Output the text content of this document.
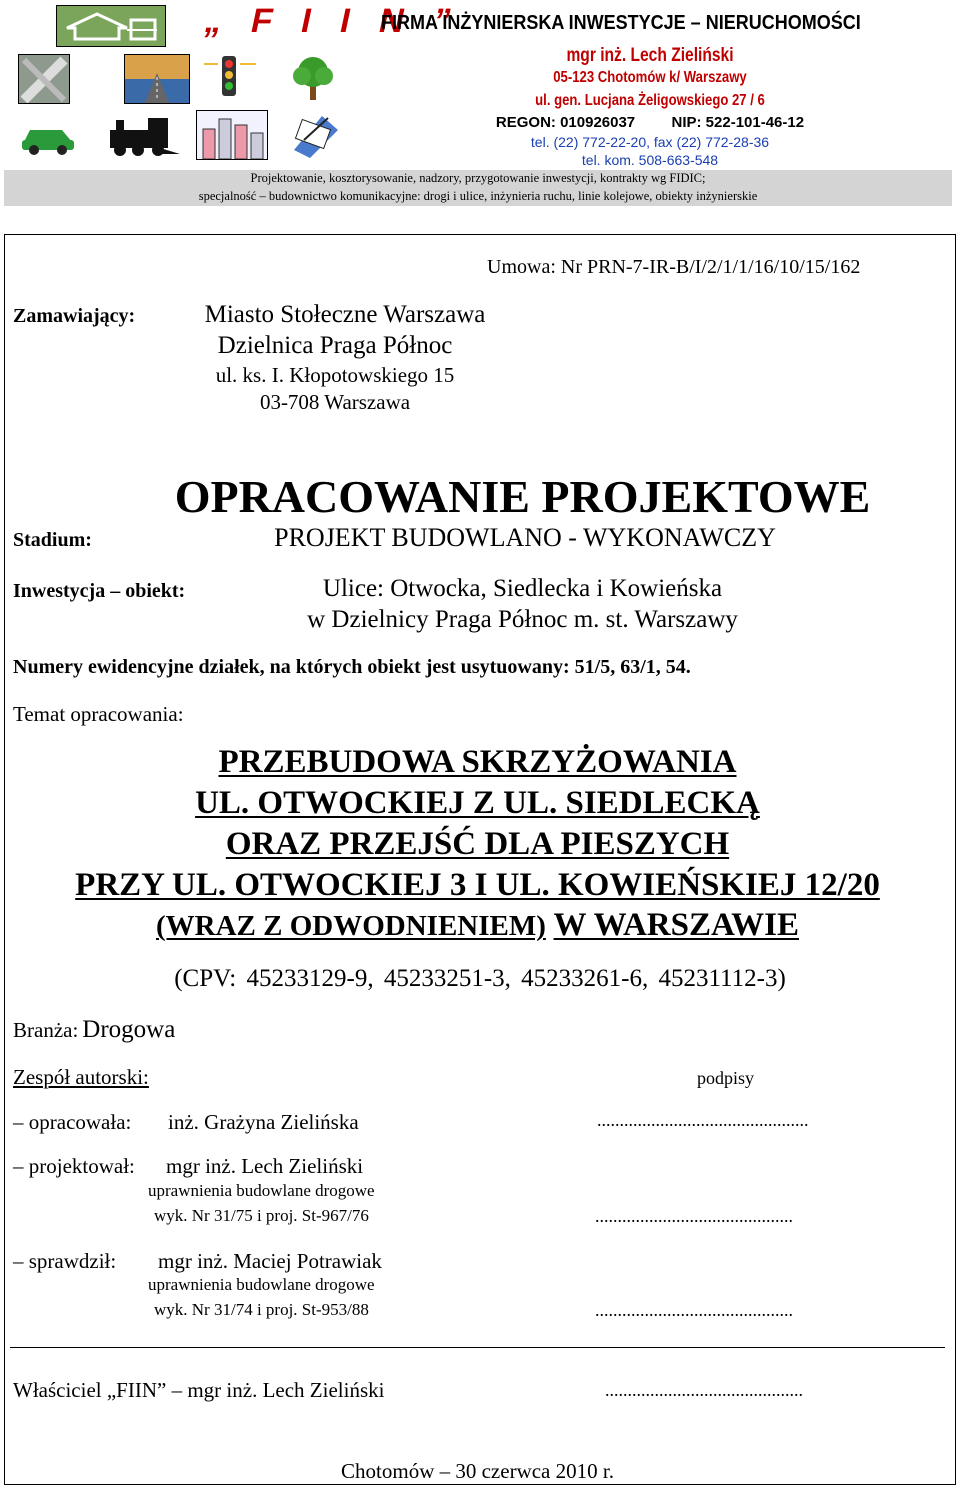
„ F I I N ”
FIRMA INŻYNIERSKA INWESTYCJE – NIERUCHOMOŚCI
mgr inż. Lech Zieliński
05-123 Chotomów k/ Warszawy
ul. gen. Lucjana Żeligowskiego 27 / 6
REGON: 010926037 NIP: 522-101-46-12
tel. (22) 772-22-20, fax (22) 772-28-36
tel. kom. 508-663-548
Projektowanie, kosztorysowanie, nadzory, przygotowanie inwestycji, kontrakty wg FIDIC;
specjalność – budownictwo komunikacyjne: drogi i ulice, inżynieria ruchu, linie kolejowe, obiekty inżynierskie
Umowa: Nr PRN-7-IR-B/I/2/1/1/16/10/15/162
Zamawiający:	Miasto Stołeczne Warszawa
Dzielnica Praga Północ
ul. ks. I. Kłopotowskiego 15
03-708 Warszawa
OPRACOWANIE PROJEKTOWE
Stadium:	PROJEKT BUDOWLANO - WYKONAWCZY
Inwestycja – obiekt:	Ulice: Otwocka, Siedlecka i Kowieńska
w Dzielnicy Praga Północ m. st. Warszawy
Numery ewidencyjne działek, na których obiekt jest usytuowany: 51/5, 63/1, 54.
Temat opracowania:
PRZEBUDOWA SKRZYŻOWANIA
UL. OTWOCKIEJ Z UL. SIEDLECKĄ
ORAZ PRZEJŚĆ DLA PIESZYCH
PRZY UL. OTWOCKIEJ 3 I UL. KOWIEŃSKIEJ 12/20
(WRAZ Z ODWODNIENIEM) W WARSZAWIE
(CPV: 45233129-9, 45233251-3, 45233261-6, 45231112-3)
Branża: Drogowa
Zespół autorski:	podpisy
– opracowała: inż. Grażyna Zielińska	...............................................
– projektował: mgr inż. Lech Zieliński
uprawnienia budowlane drogowe
wyk. Nr 31/75 i proj. St-967/76	............................................
– sprawdził: mgr inż. Maciej Potrawiak
uprawnienia budowlane drogowe
wyk. Nr 31/74 i proj. St-953/88	............................................
Właściciel „FIIN” – mgr inż. Lech Zieliński	............................................
Chotomów – 30 czerwca 2010 r.
